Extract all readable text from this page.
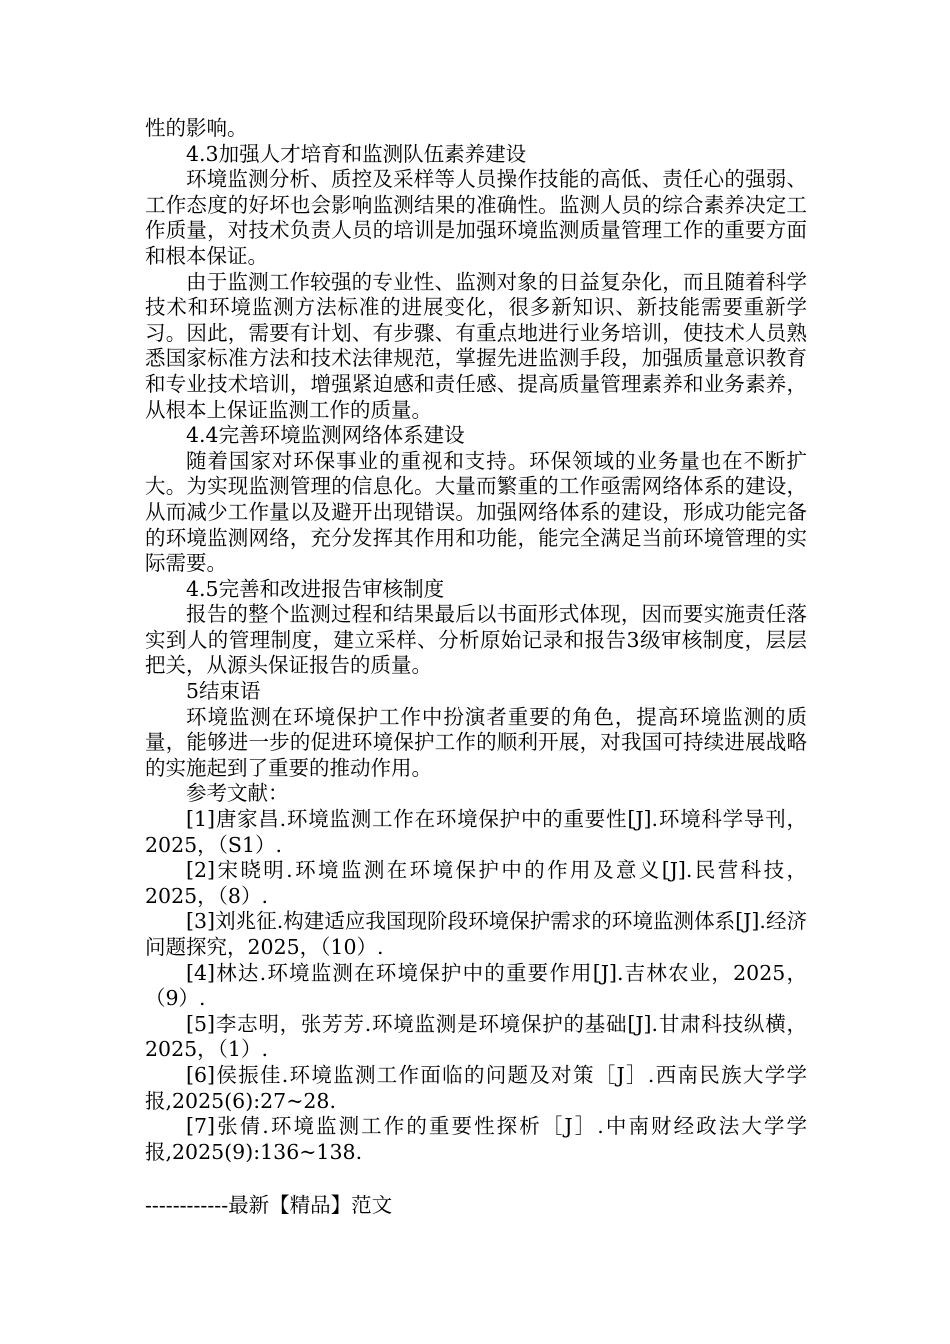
性的影响。

4.3加强人才培育和监测队伍素养建设

环境监测分析、质控及采样等人员操作技能的高低、责任心的强弱、工作态度的好坏也会影响监测结果的准确性。监测人员的综合素养决定工作质量，对技术负责人员的培训是加强环境监测质量管理工作的重要方面和根本保证。

由于监测工作较强的专业性、监测对象的日益复杂化，而且随着科学技术和环境监测方法标准的进展变化，很多新知识、新技能需要重新学习。因此，需要有计划、有步骤、有重点地进行业务培训，使技术人员熟悉国家标准方法和技术法律规范，掌握先进监测手段，加强质量意识教育和专业技术培训，增强紧迫感和责任感、提高质量管理素养和业务素养，从根本上保证监测工作的质量。

4.4完善环境监测网络体系建设

随着国家对环保事业的重视和支持。环保领域的业务量也在不断扩大。为实现监测管理的信息化。大量而繁重的工作亟需网络体系的建设，从而减少工作量以及避开出现错误。加强网络体系的建设，形成功能完备的环境监测网络，充分发挥其作用和功能，能完全满足当前环境管理的实际需要。

4.5完善和改进报告审核制度

报告的整个监测过程和结果最后以书面形式体现，因而要实施责任落实到人的管理制度，建立采样、分析原始记录和报告3级审核制度，层层把关，从源头保证报告的质量。

5结束语

环境监测在环境保护工作中扮演者重要的角色，提高环境监测的质量，能够进一步的促进环境保护工作的顺利开展，对我国可持续进展战略的实施起到了重要的推动作用。

参考文献：

[1]唐家昌.环境监测工作在环境保护中的重要性[J].环境科学导刊，2025，（S1）.

[2]宋晓明.环境监测在环境保护中的作用及意义[J].民营科技，2025，（8）.

[3]刘兆征.构建适应我国现阶段环境保护需求的环境监测体系[J].经济问题探究，2025，（10）.

[4]林达.环境监测在环境保护中的重要作用[J].吉林农业，2025，（9）.

[5]李志明，张芳芳.环境监测是环境保护的基础[J].甘肃科技纵横，2025，（1）.

[6]侯振佳.环境监测工作面临的问题及对策［J］.西南民族大学学报,2025(6):27~28.

[7]张倩.环境监测工作的重要性探析［J］.中南财经政法大学学报,2025(9):136~138.

------------最新【精品】范文
